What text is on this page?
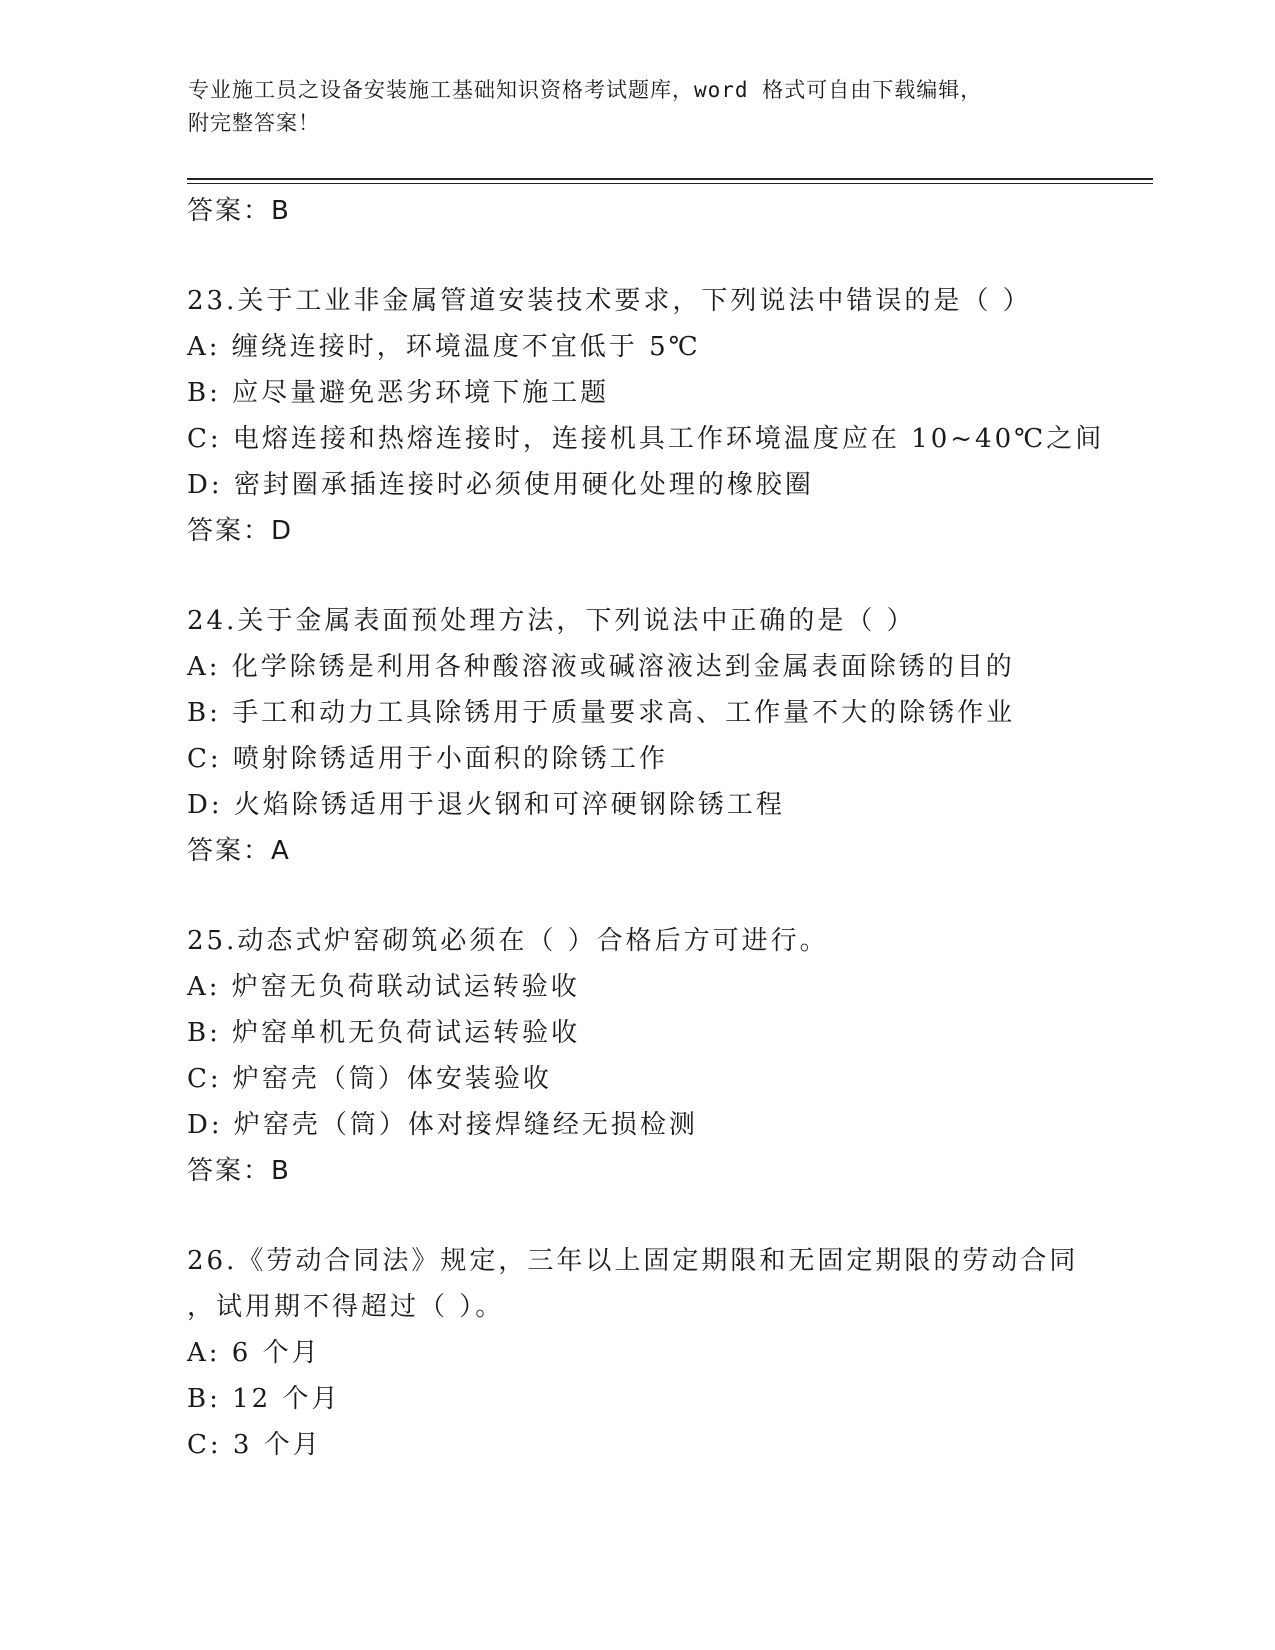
专业施工员之设备安装施工基础知识资格考试题库，word 格式可自由下载编辑，
附完整答案！
答案：B
23.关于工业非金属管道安装技术要求，下列说法中错误的是（ ）
A: 缠绕连接时，环境温度不宜低于 5℃
B: 应尽量避免恶劣环境下施工题
C: 电熔连接和热熔连接时，连接机具工作环境温度应在 10~40℃之间
D: 密封圈承插连接时必须使用硬化处理的橡胶圈
答案：D
24.关于金属表面预处理方法，下列说法中正确的是（ ）
A: 化学除锈是利用各种酸溶液或碱溶液达到金属表面除锈的目的
B: 手工和动力工具除锈用于质量要求高、工作量不大的除锈作业
C: 喷射除锈适用于小面积的除锈工作
D: 火焰除锈适用于退火钢和可淬硬钢除锈工程
答案：A
25.动态式炉窑砌筑必须在（ ）合格后方可进行。
A: 炉窑无负荷联动试运转验收
B: 炉窑单机无负荷试运转验收
C: 炉窑壳（筒）体安装验收
D: 炉窑壳（筒）体对接焊缝经无损检测
答案：B
26.《劳动合同法》规定，三年以上固定期限和无固定期限的劳动合同
，试用期不得超过（ ）。
A: 6 个月
B: 12 个月
C: 3 个月
